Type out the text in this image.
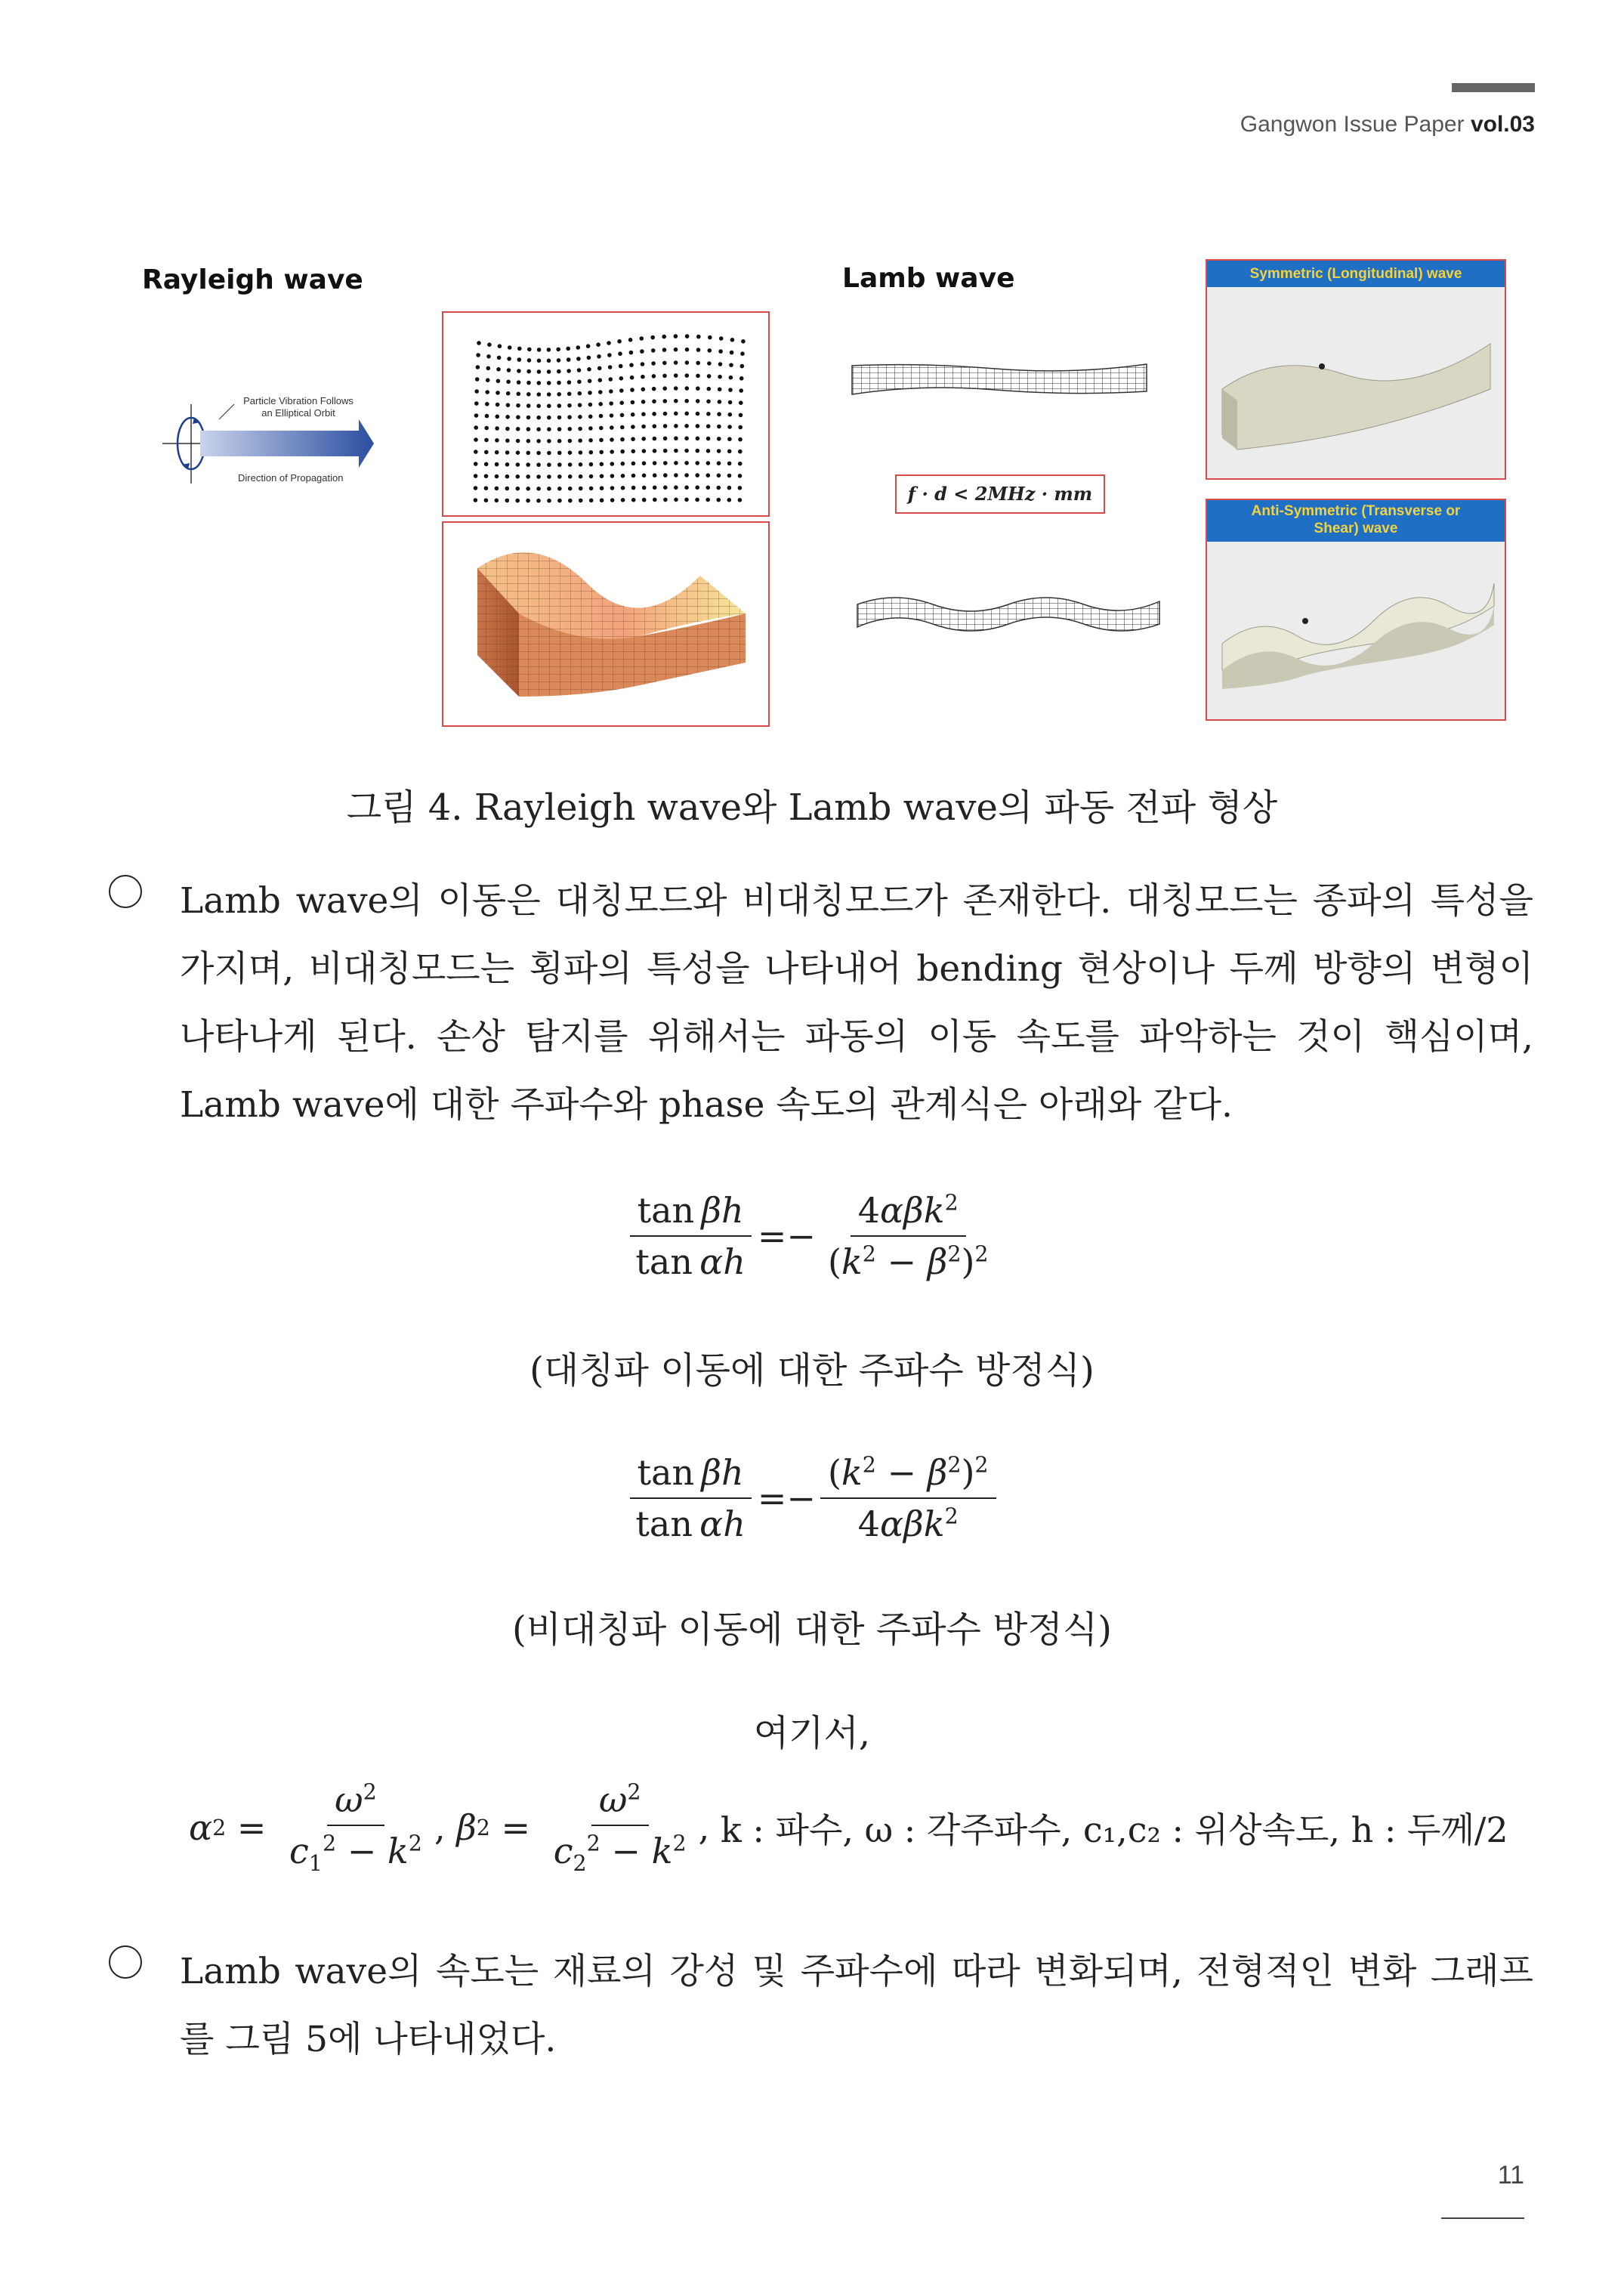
Gangwon Issue Paper vol.03
Rayleigh wave	Lamb wave
Particle Vibration Follows
an Elliptical Orbit
Direction of Propagation
f · d < 2MHz · mm
Symmetric (Longitudinal) wave
Anti-Symmetric (Transverse or
Shear) wave
그림 4. Rayleigh wave와 Lamb wave의 파동 전파 형상

Lamb wave의 이동은 대칭모드와 비대칭모드가 존재한다. 대칭모드는 종파의 특성을 가지며, 비대칭모드는 횡파의 특성을 나타내어 bending 현상이나 두께 방향의 변형이 나타나게 된다. 손상 탐지를 위해서는 파동의 이동 속도를 파악하는 것이 핵심이며, Lamb wave에 대한 주파수와 phase 속도의 관계식은 아래와 같다.

$\frac{\text{tan βh}}{\text{tan αh}} =- \frac{4\alpha\beta k^2}{(k^2 - \beta^2)^2}$
(대칭파 이동에 대한 주파수 방정식)
$\frac{\text{tan βh}}{\text{tan αh}} =- \frac{(k^2 - \beta^2)^2}{4\alpha\beta k^2}$
(비대칭파 이동에 대한 주파수 방정식)
여기서,
α $2 = \frac{\omega^2}{c_1^2 - k^2}$ , β $2 = \frac{\omega^2}{c_2^2 - k^2}$ , k : 파수,
ω : 각주파수,
c₁,c₂ : 위상속도,
h : 두께/2

Lamb wave의 속도는 재료의 강성 및 주파수에 따라 변화되며, 전형적인 변화 그래프를 그림 5에 나타내었다.

11
